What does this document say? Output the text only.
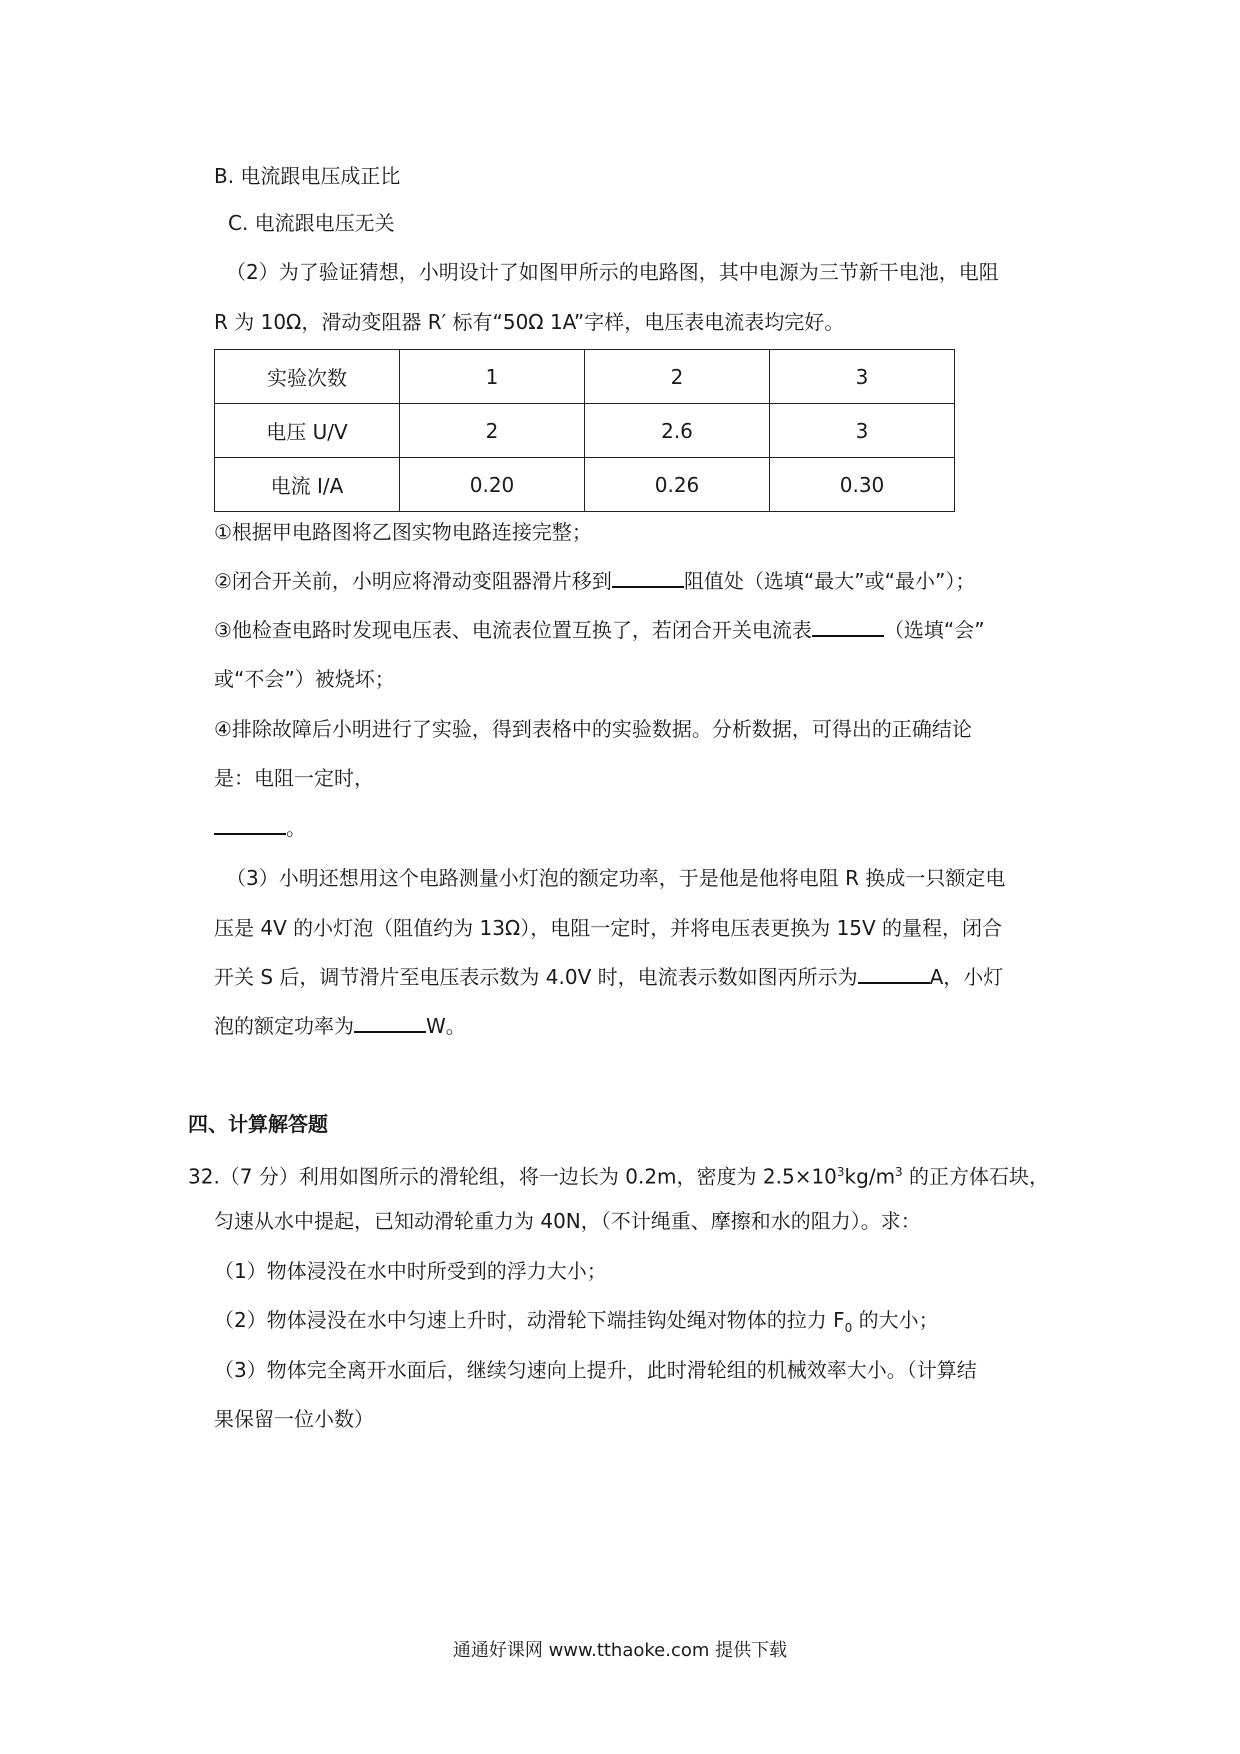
B. 电流跟电压成正比
C. 电流跟电压无关
（2）为了验证猜想，小明设计了如图甲所示的电路图，其中电源为三节新干电池，电阻
R 为 10Ω，滑动变阻器 R′ 标有“50Ω 1A”字样，电压表电流表均完好。
实验次数	1	2	3
电压 U/V	2	2.6	3
电流 I/A	0.20	0.26	0.30
①根据甲电路图将乙图实物电路连接完整；
②闭合开关前，小明应将滑动变阻器滑片移到	阻值处（选填“最大”或“最小”）；
③他检查电路时发现电压表、电流表位置互换了，若闭合开关电流表	（选填“会”
或“不会”）被烧坏；
④排除故障后小明进行了实验，得到表格中的实验数据。分析数据，可得出的正确结论
是：电阻一定时，
。
（3）小明还想用这个电路测量小灯泡的额定功率，于是他是他将电阻 R 换成一只额定电
压是 4V 的小灯泡（阻值约为 13Ω），电阻一定时，并将电压表更换为 15V 的量程，闭合
开关 S 后，调节滑片至电压表示数为 4.0V 时，电流表示数如图丙所示为	A，小灯
泡的额定功率为	W。
四、计算解答题
32.（7 分）利用如图所示的滑轮组，将一边长为 0.2m，密度为 $2.5\times 10^3kg/m^3$ 的正方体石块，
匀速从水中提起，已知动滑轮重力为 40N，（不计绳重、摩擦和水的阻力）。求：
（1）物体浸没在水中时所受到的浮力大小；
（2）物体浸没在水中匀速上升时，动滑轮下端挂钩处绳对物体的拉力 $F_0$ 的大小；
（3）物体完全离开水面后，继续匀速向上提升，此时滑轮组的机械效率大小。（计算结
果保留一位小数）
通通好课网 www.tthaoke.com 提供下载
